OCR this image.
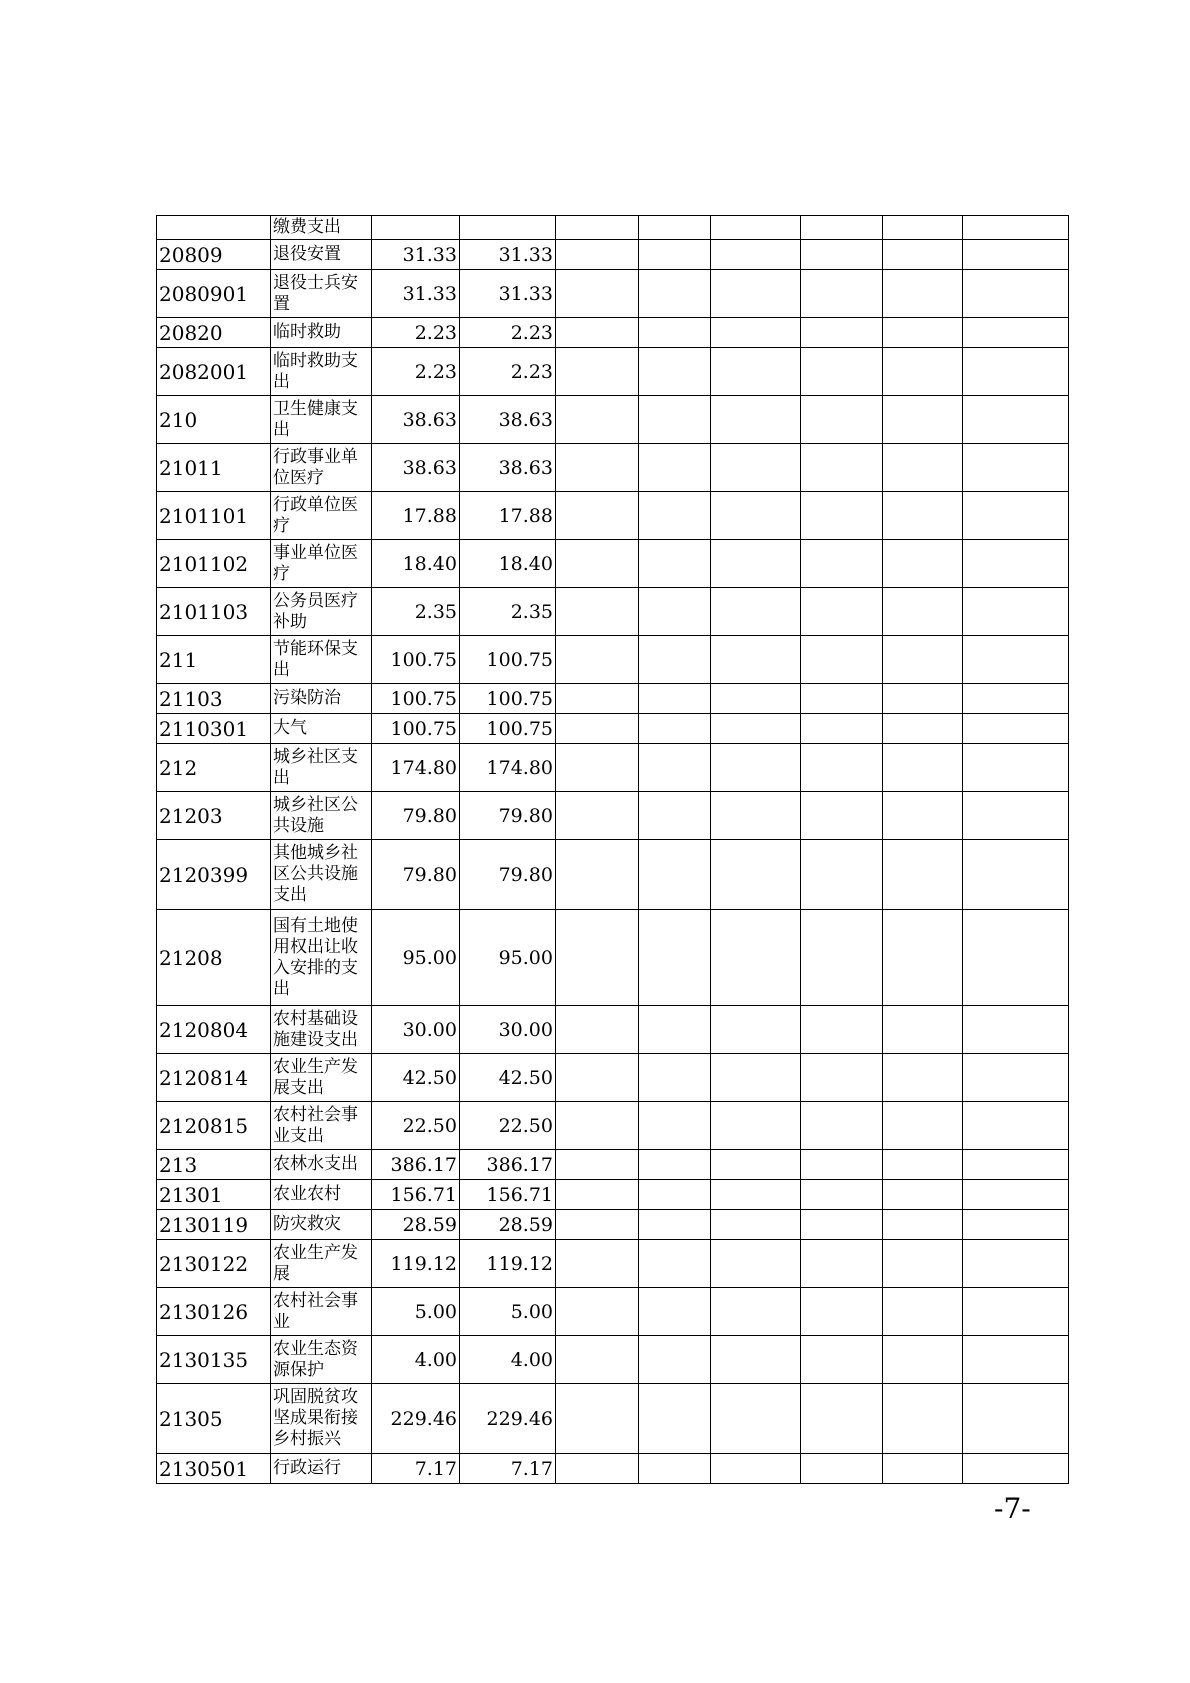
	缴费支出								
20809	退役安置	31.33	31.33						
2080901	退役士兵安置	31.33	31.33						
20820	临时救助	2.23	2.23						
2082001	临时救助支出	2.23	2.23						
210	卫生健康支出	38.63	38.63						
21011	行政事业单位医疗	38.63	38.63						
2101101	行政单位医疗	17.88	17.88						
2101102	事业单位医疗	18.40	18.40						
2101103	公务员医疗补助	2.35	2.35						
211	节能环保支出	100.75	100.75						
21103	污染防治	100.75	100.75						
2110301	大气	100.75	100.75						
212	城乡社区支出	174.80	174.80						
21203	城乡社区公共设施	79.80	79.80						
2120399	其他城乡社区公共设施支出	79.80	79.80						
21208	国有土地使用权出让收入安排的支出	95.00	95.00						
2120804	农村基础设施建设支出	30.00	30.00						
2120814	农业生产发展支出	42.50	42.50						
2120815	农村社会事业支出	22.50	22.50						
213	农林水支出	386.17	386.17						
21301	农业农村	156.71	156.71						
2130119	防灾救灾	28.59	28.59						
2130122	农业生产发展	119.12	119.12						
2130126	农村社会事业	5.00	5.00						
2130135	农业生态资源保护	4.00	4.00						
21305	巩固脱贫攻坚成果衔接乡村振兴	229.46	229.46						
2130501	行政运行	7.17	7.17						
-7-
